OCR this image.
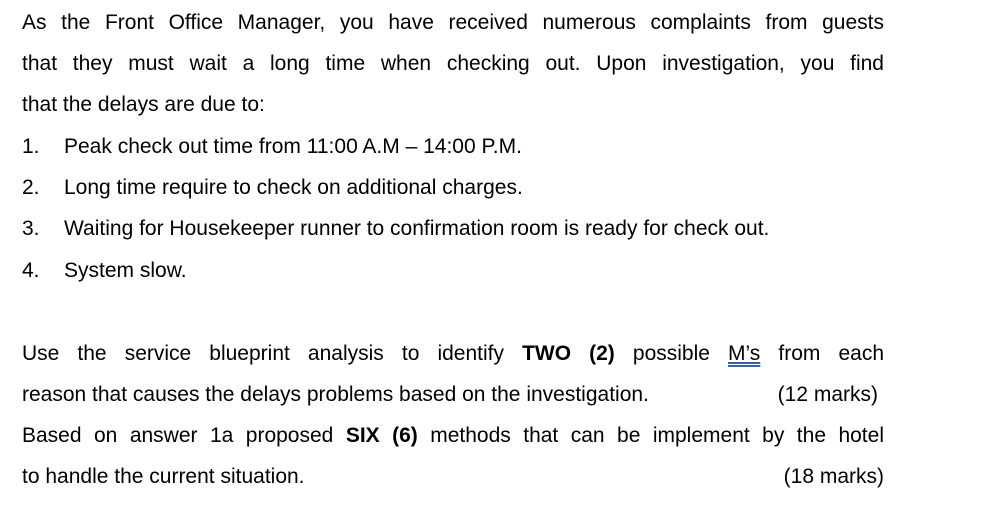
As the Front Office Manager, you have received numerous complaints from guests
that they must wait a long time when checking out. Upon investigation, you find
that the delays are due to:
1.	Peak check out time from 11:00 A.M – 14:00 P.M.
2.	Long time require to check on additional charges.
3.	Waiting for Housekeeper runner to confirmation room is ready for check out.
4.	System slow.
Use the service blueprint analysis to identify TWO (2) possible M’s from each
reason that causes the delays problems based on the investigation.	(12 marks)
Based on answer 1a proposed SIX (6) methods that can be implement by the hotel
to handle the current situation.	(18 marks)
